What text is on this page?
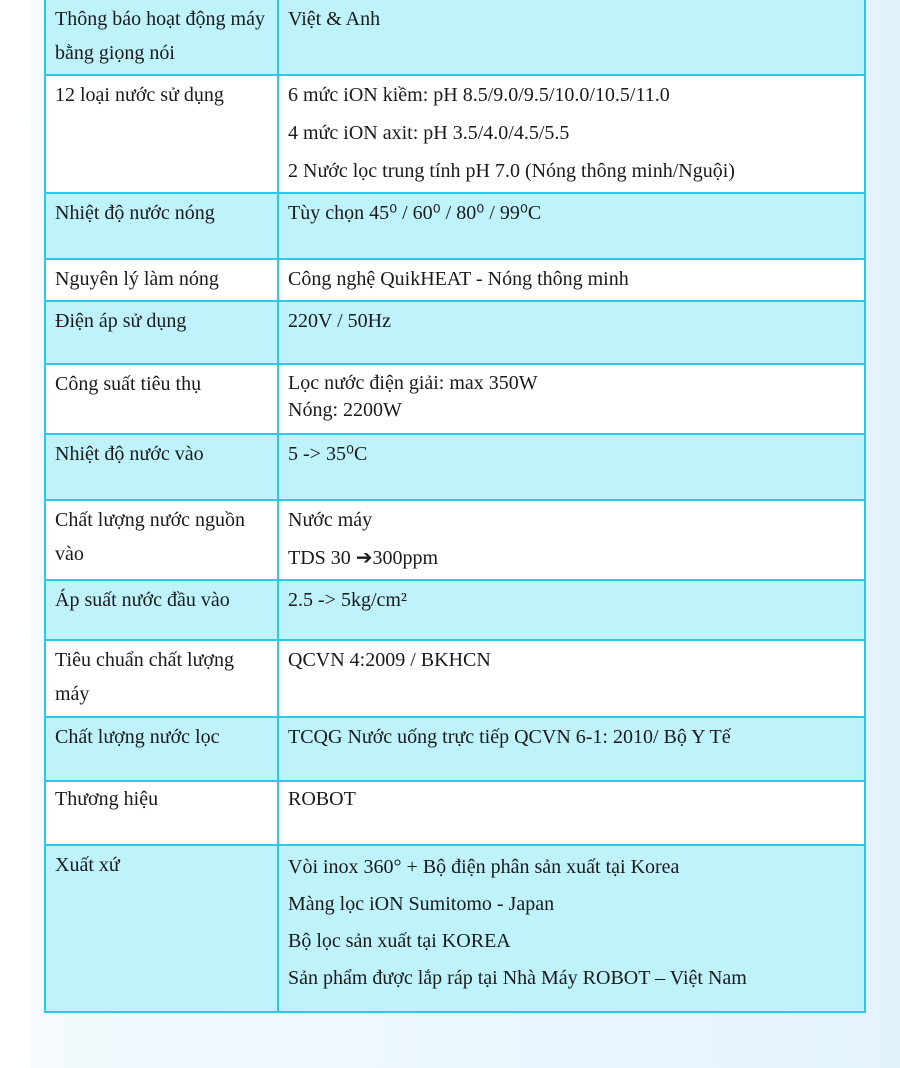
Thông báo hoạt động máy bằng giọng nói	Việt & Anh

12 loại nước sử dụng	6 mức iON kiềm: pH 8.5/9.0/9.5/10.0/10.5/11.0
4 mức iON axit: pH 3.5/4.0/4.5/5.5
2 Nước lọc trung tính pH 7.0 (Nóng thông minh/Nguội)

Nhiệt độ nước nóng	Tùy chọn 45⁰ / 60⁰ / 80⁰ / 99⁰C

Nguyên lý làm nóng	Công nghệ QuikHEAT - Nóng thông minh

Điện áp sử dụng	220V / 50Hz

Công suất tiêu thụ	Lọc nước điện giải: max 350W
Nóng: 2200W

Nhiệt độ nước vào	5 -> 35⁰C

Chất lượng nước nguồn vào	Nước máy
TDS 30 ➔300ppm

Áp suất nước đầu vào	2.5 -> 5kg/cm²

Tiêu chuẩn chất lượng máy	QCVN 4:2009 / BKHCN

Chất lượng nước lọc	TCQG Nước uống trực tiếp QCVN 6-1: 2010/ Bộ Y Tế

Thương hiệu	ROBOT

Xuất xứ	Vòi inox 360° + Bộ điện phân sản xuất tại Korea
Màng lọc iON Sumitomo - Japan
Bộ lọc sản xuất tại KOREA
Sản phẩm được lắp ráp tại Nhà Máy ROBOT – Việt Nam
